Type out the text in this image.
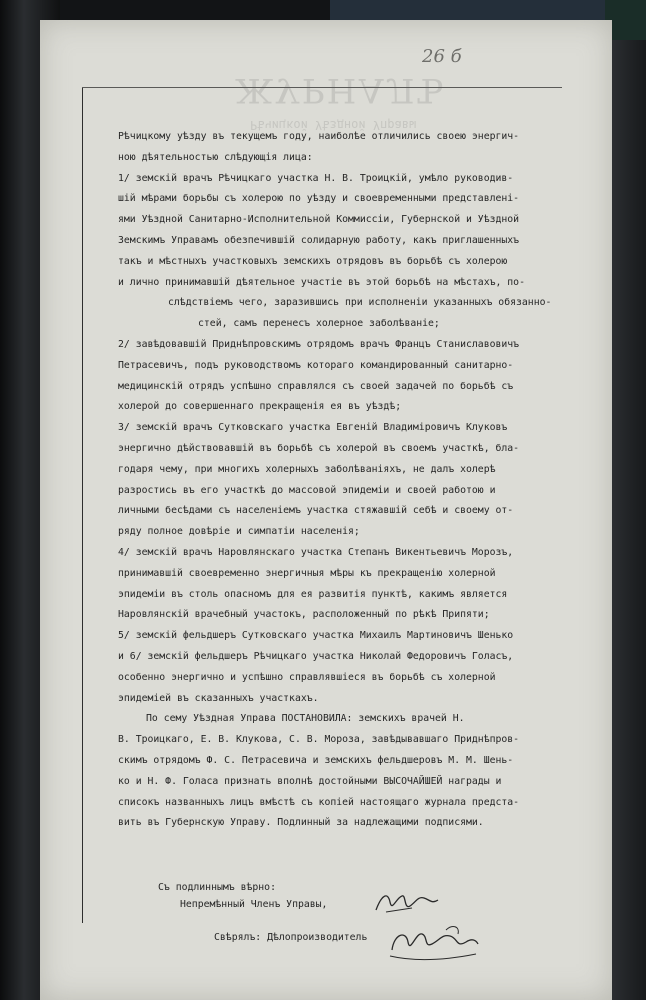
ЖУРНАЛЪ
Рѣчицкой Уѣздной Управы
26 б

Рѣчицкому уѣзду въ текущемъ году, наиболѣе отличились своею энергич-

ною дѣятельностью слѣдующія лица:

1/ земскій врачъ Рѣчицкаго участка Н. В. Троицкій, умѣло руководив-

шій мѣрами борьбы съ холерою по уѣзду и своевременными представлені-

ями Уѣздной Санитарно-Исполнительной Коммиссіи, Губернской и Уѣздной

Земскимъ Управамъ обезпечившій солидарную работу, какъ приглашенныхъ

такъ и мѣстныхъ участковыхъ земскихъ отрядовъ въ борьбѣ съ холерою

и лично принимавшій дѣятельное участіе въ этой борьбѣ на мѣстахъ, по-

слѣдствіемъ чего, заразившись при исполненіи указанныхъ обязанно-

стей, самъ перенесъ холерное заболѣваніе;

2/ завѣдовавшій Приднѣпровскимъ отрядомъ врачъ Францъ Станиславовичъ

Петрасевичъ, подъ руководствомъ котораго командированный санитарно-

медицинскій отрядъ успѣшно справлялся съ своей задачей по борьбѣ съ

холерой до совершеннаго прекращенія ея въ уѣздѣ;

3/ земскій врачъ Сутковскаго участка Евгеній Владиміровичъ Клуковъ

энергично дѣйствовавшій въ борьбѣ съ холерой въ своемъ участкѣ, бла-

годаря чему, при многихъ холерныхъ заболѣваніяхъ, не далъ холерѣ

разростись въ его участкѣ до массовой эпидеміи и своей работою и

личными бесѣдами съ населеніемъ участка стяжавшій себѣ и своему от-

ряду полное довѣріе и симпатіи населенія;

4/ земскій врачъ Наровлянскаго участка Степанъ Викентьевичъ Морозъ,

принимавшій своевременно энергичныя мѣры къ прекращенію холерной

эпидеміи въ столь опасномъ для ея развитія пунктѣ, какимъ является

Наровлянскій врачебный участокъ, расположенный по рѣкѣ Припяти;

5/ земскій фельдшеръ Сутковскаго участка Михаилъ Мартиновичъ Шенько

и 6/ земскій фельдшеръ Рѣчицкаго участка Николай Федоровичъ Голасъ,

особенно энергично и успѣшно справлявшіеся въ борьбѣ съ холерной

эпидеміей въ сказанныхъ участкахъ.

По сему Уѣздная Управа ПОСТАНОВИЛА: земскихъ врачей Н.

В. Троицкаго, Е. В. Клукова, С. В. Мороза, завѣдывавшаго Приднѣпров-

скимъ отрядомъ Ф. С. Петрасевича и земскихъ фельдшеровъ М. М. Шень-

ко и Н. Ф. Голаса признать вполнѣ достойными ВЫСОЧАЙШЕЙ награды и

списокъ названныхъ лицъ вмѣстѣ съ копіей настоящаго журнала предста-

вить въ Губернскую Управу. Подлинный за надлежащими подписями.

Съ подлиннымъ вѣрно:
Непремѣнный Членъ Управы,
Свѣрялъ: Дѣлопроизводитель
